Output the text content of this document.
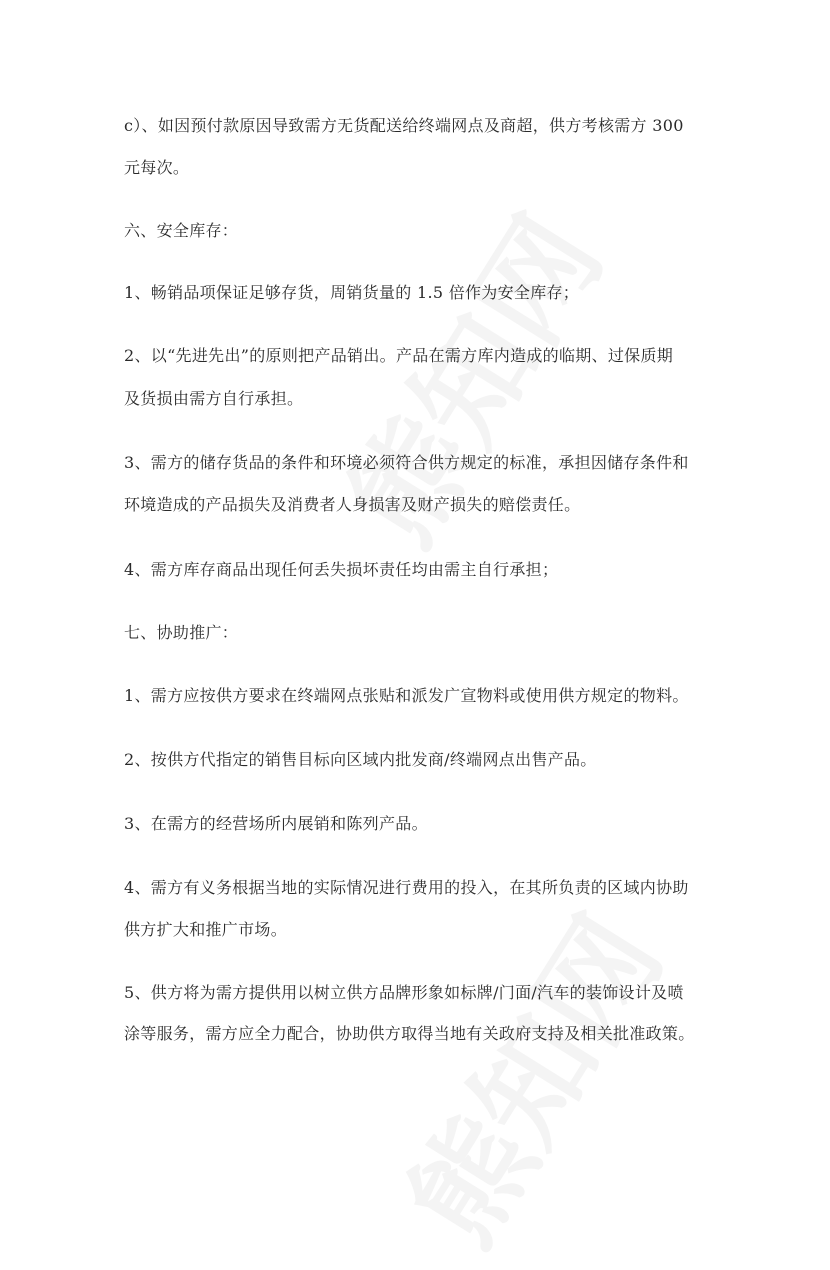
c）、如因预付款原因导致需方无货配送给终端网点及商超，供方考核需方 300
元每次。
六、安全库存：
1、畅销品项保证足够存货，周销货量的 1.5 倍作为安全库存；
2、以“先进先出”的原则把产品销出。产品在需方库内造成的临期、过保质期
及货损由需方自行承担。
3、需方的储存货品的条件和环境必须符合供方规定的标准，承担因储存条件和
环境造成的产品损失及消费者人身损害及财产损失的赔偿责任。
4、需方库存商品出现任何丢失损坏责任均由需主自行承担；
七、协助推广：
1、需方应按供方要求在终端网点张贴和派发广宣物料或使用供方规定的物料。
2、按供方代指定的销售目标向区域内批发商/终端网点出售产品。
3、在需方的经营场所内展销和陈列产品。
4、需方有义务根据当地的实际情况进行费用的投入，在其所负责的区域内协助
供方扩大和推广市场。
5、供方将为需方提供用以树立供方品牌形象如标牌/门面/汽车的装饰设计及喷
涂等服务，需方应全力配合，协助供方取得当地有关政府支持及相关批准政策。
